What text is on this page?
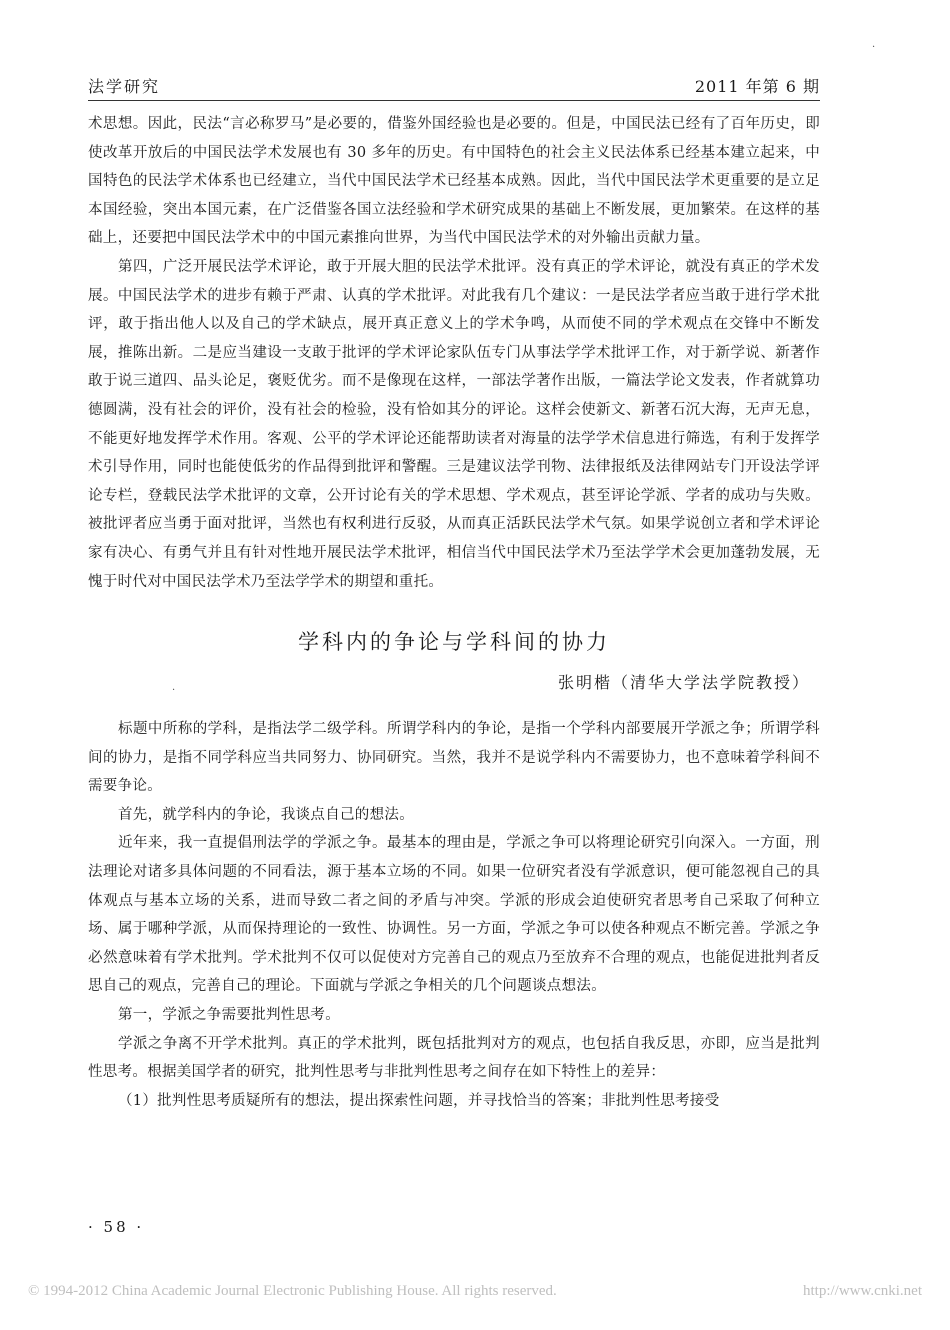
法学研究	2011 年第 6 期
·
·

术思想。因此，民法“言必称罗马”是必要的，借鉴外国经验也是必要的。但是，中国民法已经有了百年历史，即使改革开放后的中国民法学术发展也有 30 多年的历史。有中国特色的社会主义民法体系已经基本建立起来，中国特色的民法学术体系也已经建立，当代中国民法学术已经基本成熟。因此，当代中国民法学术更重要的是立足本国经验，突出本国元素，在广泛借鉴各国立法经验和学术研究成果的基础上不断发展，更加繁荣。在这样的基础上，还要把中国民法学术中的中国元素推向世界，为当代中国民法学术的对外输出贡献力量。

第四，广泛开展民法学术评论，敢于开展大胆的民法学术批评。没有真正的学术评论，就没有真正的学术发展。中国民法学术的进步有赖于严肃、认真的学术批评。对此我有几个建议：一是民法学者应当敢于进行学术批评，敢于指出他人以及自己的学术缺点，展开真正意义上的学术争鸣，从而使不同的学术观点在交锋中不断发展，推陈出新。二是应当建设一支敢于批评的学术评论家队伍专门从事法学学术批评工作，对于新学说、新著作敢于说三道四、品头论足，褒贬优劣。而不是像现在这样，一部法学著作出版，一篇法学论文发表，作者就算功德圆满，没有社会的评价，没有社会的检验，没有恰如其分的评论。这样会使新文、新著石沉大海，无声无息，不能更好地发挥学术作用。客观、公平的学术评论还能帮助读者对海量的法学学术信息进行筛选，有利于发挥学术引导作用，同时也能使低劣的作品得到批评和警醒。三是建议法学刊物、法律报纸及法律网站专门开设法学评论专栏，登载民法学术批评的文章，公开讨论有关的学术思想、学术观点，甚至评论学派、学者的成功与失败。被批评者应当勇于面对批评，当然也有权利进行反驳，从而真正活跃民法学术气氛。如果学说创立者和学术评论家有决心、有勇气并且有针对性地开展民法学术批评，相信当代中国民法学术乃至法学学术会更加蓬勃发展，无愧于时代对中国民法学术乃至法学学术的期望和重托。

学科内的争论与学科间的协力
张明楷（清华大学法学院教授）

标题中所称的学科，是指法学二级学科。所谓学科内的争论，是指一个学科内部要展开学派之争；所谓学科间的协力，是指不同学科应当共同努力、协同研究。当然，我并不是说学科内不需要协力，也不意味着学科间不需要争论。

首先，就学科内的争论，我谈点自己的想法。

近年来，我一直提倡刑法学的学派之争。最基本的理由是，学派之争可以将理论研究引向深入。一方面，刑法理论对诸多具体问题的不同看法，源于基本立场的不同。如果一位研究者没有学派意识，便可能忽视自己的具体观点与基本立场的关系，进而导致二者之间的矛盾与冲突。学派的形成会迫使研究者思考自己采取了何种立场、属于哪种学派，从而保持理论的一致性、协调性。另一方面，学派之争可以使各种观点不断完善。学派之争必然意味着有学术批判。学术批判不仅可以促使对方完善自己的观点乃至放弃不合理的观点，也能促进批判者反思自己的观点，完善自己的理论。下面就与学派之争相关的几个问题谈点想法。

第一，学派之争需要批判性思考。

学派之争离不开学术批判。真正的学术批判，既包括批判对方的观点，也包括自我反思，亦即，应当是批判性思考。根据美国学者的研究，批判性思考与非批判性思考之间存在如下特性上的差异：

（1）批判性思考质疑所有的想法，提出探索性问题，并寻找恰当的答案；非批判性思考接受

· 58 ·
© 1994-2012 China Academic Journal Electronic Publishing House. All rights reserved.	http://www.cnki.net
